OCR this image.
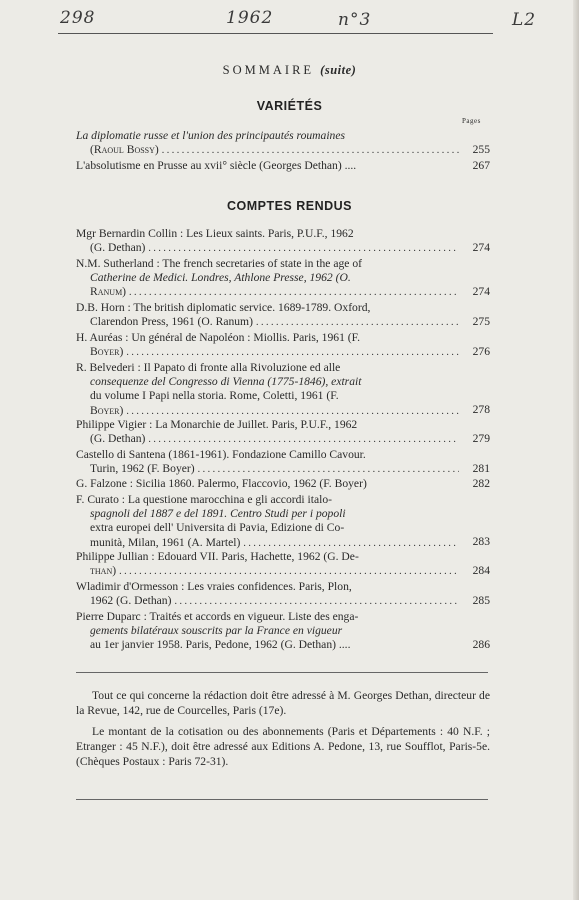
298	1962	n°3	L2
SOMMAIRE (suite)
VARIÉTÉS
Pages
La diplomatie russe et l'union des principautés roumaines
(Raoul Bossy) .....	255
L'absolutisme en Prusse au xvii° siècle (Georges Dethan) ....	267
COMPTES RENDUS
Mgr Bernardin Collin : Les Lieux saints. Paris, P.U.F., 1962
(G. Dethan) .....	274
N.M. Sutherland : The french secretaries of state in the age of
Catherine de Medici. Londres, Athlone Presse, 1962 (O.
Ranum) .....	274
D.B. Horn : The british diplomatic service. 1689-1789. Oxford,
Clarendon Press, 1961 (O. Ranum) .....	275
H. Auréas : Un général de Napoléon : Miollis. Paris, 1961 (F.
Boyer) .....	276
R. Belvederi : Il Papato di fronte alla Rivoluzione ed alle
consequenze del Congresso di Vienna (1775-1846), extrait
du volume I Papi nella storia. Rome, Coletti, 1961 (F.
Boyer) .....	278
Philippe Vigier : La Monarchie de Juillet. Paris, P.U.F., 1962
(G. Dethan) .....	279
Castello di Santena (1861-1961). Fondazione Camillo Cavour.
Turin, 1962 (F. Boyer) .....	281
G. Falzone : Sicilia 1860. Palermo, Flaccovio, 1962 (F. Boyer)	282
F. Curato : La questione marocchina e gli accordi italo-
spagnoli del 1887 e del 1891. Centro Studi per i popoli
extra europei dell' Universita di Pavia, Edizione di Co-
munità, Milan, 1961 (A. Martel) .....	283
Philippe Jullian : Edouard VII. Paris, Hachette, 1962 (G. De-
than) .....	284
Wladimir d'Ormesson : Les vraies confidences. Paris, Plon,
1962 (G. Dethan) .....	285
Pierre Duparc : Traités et accords en vigueur. Liste des enga-
gements bilatéraux souscrits par la France en vigueur
au 1er janvier 1958. Paris, Pedone, 1962 (G. Dethan) ....	286
Tout ce qui concerne la rédaction doit être adressé à M. Georges Dethan, directeur de la Revue, 142, rue de Courcelles, Paris (17e).
Le montant de la cotisation ou des abonnements (Paris et Départements : 40 N.F. ; Etranger : 45 N.F.), doit être adressé aux Editions A. Pedone, 13, rue Soufflot, Paris-5e. (Chèques Postaux : Paris 72-31).
